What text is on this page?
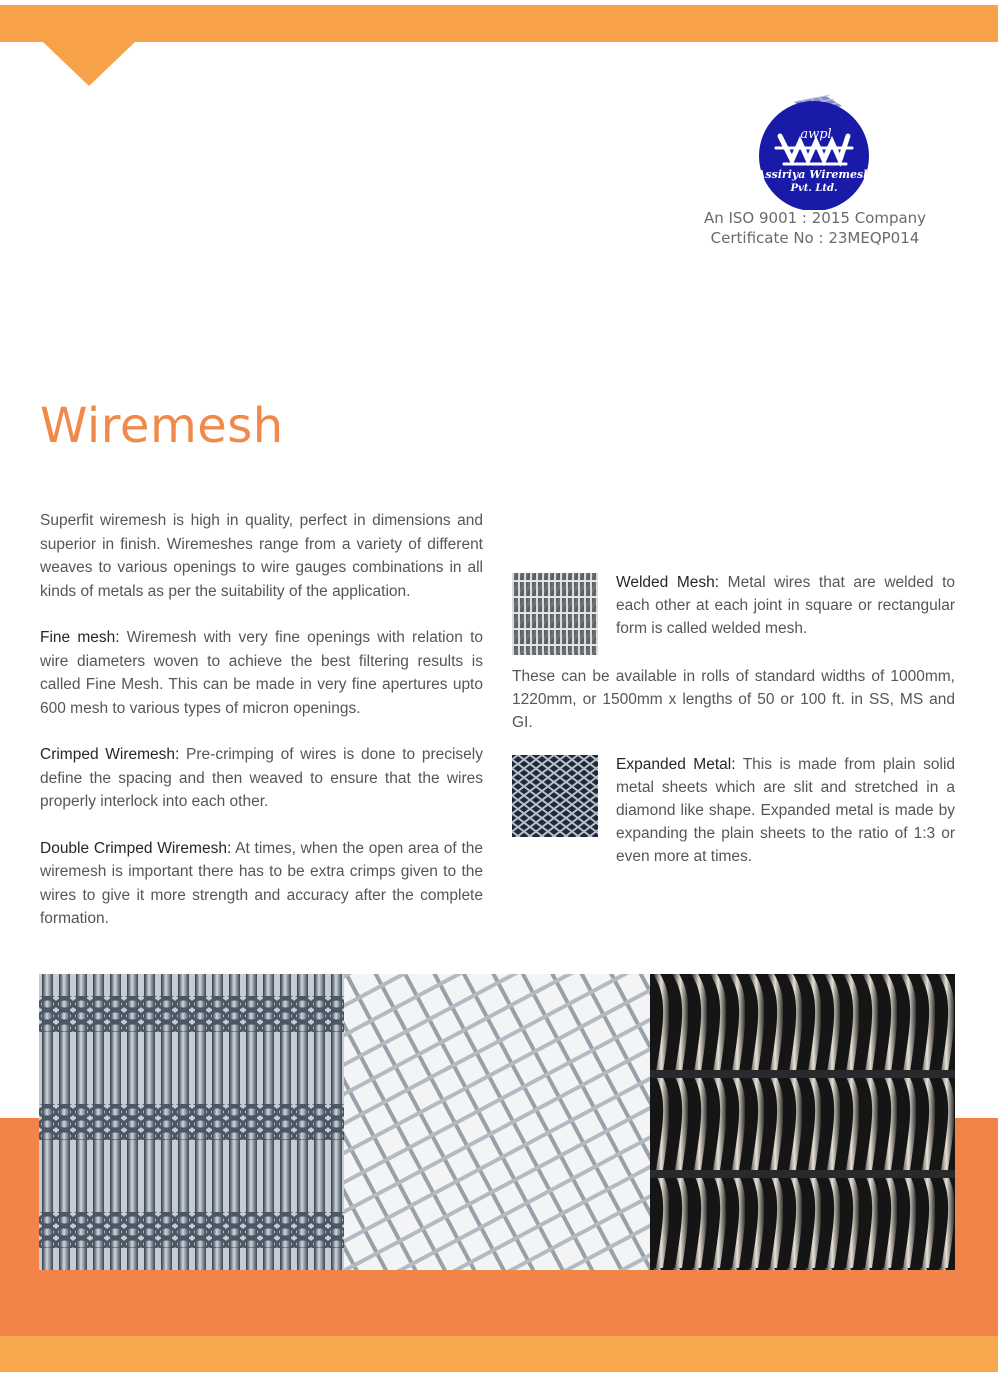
awpl
Assiriya Wiremesh
Pvt. Ltd.
An ISO 9001 : 2015 Company
Certificate No : 23MEQP014
Wiremesh

Superfit wiremesh is high in quality, perfect in dimensions and superior in finish. Wiremeshes range from a variety of different weaves to various openings to wire gauges combinations in all kinds of metals as per the suitability of the application.

Fine mesh: Wiremesh with very fine openings with relation to wire diameters woven to achieve the best filtering results is called Fine Mesh. This can be made in very fine apertures upto 600 mesh to various types of micron openings.

Crimped Wiremesh: Pre-crimping of wires is done to precisely define the spacing and then weaved to ensure that the wires properly interlock into each other.

Double Crimped Wiremesh: At times, when the open area of the wiremesh is important there has to be extra crimps given to the wires to give it more strength and accuracy after the complete formation.

Welded Mesh: Metal wires that are welded to each other at each joint in square or rectangular form is called welded mesh.

These can be available in rolls of standard widths of 1000mm, 1220mm, or 1500mm x lengths of 50 or 100 ft. in SS, MS and GI.

Expanded Metal: This is made from plain solid metal sheets which are slit and stretched in a diamond like shape. Expanded metal is made by expanding the plain sheets to the ratio of 1:3 or even more at times.
